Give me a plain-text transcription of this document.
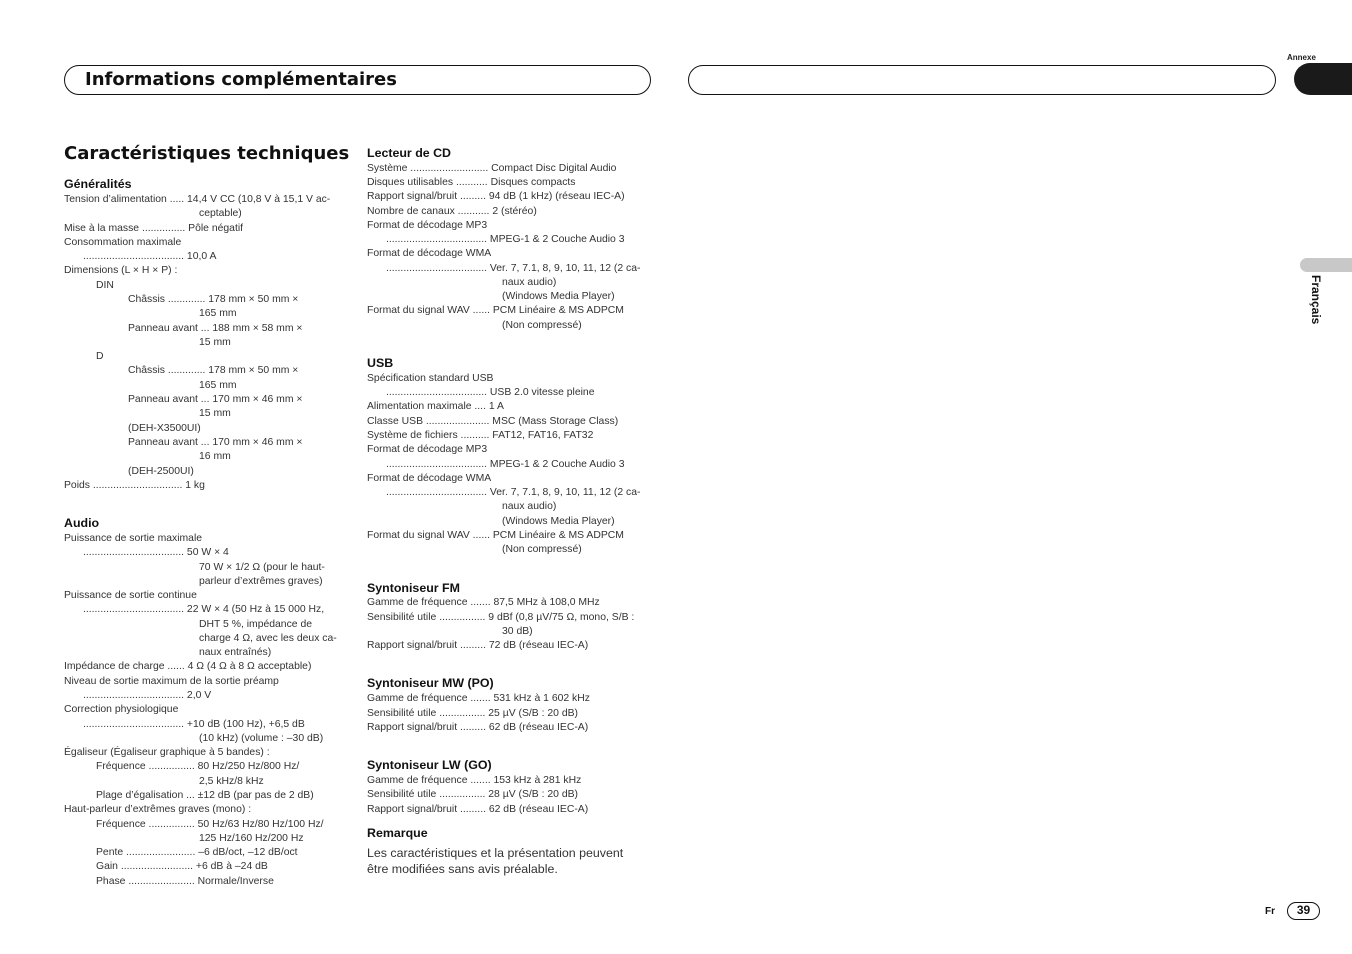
Informations complémentaires
Annexe
Français
Caractéristiques techniques
Généralités
Audio
Lecteur de CD
USB
Syntoniseur FM
Syntoniseur MW (PO)
Syntoniseur LW (GO)
Remarque
Tension d’alimentation ..... 14,4 V CC (10,8 V à 15,1 V ac-
ceptable)
Mise à la masse ............... Pôle négatif
Consommation maximale
................................... 10,0 A
Dimensions (L × H × P) :
DIN
Châssis ............. 178 mm × 50 mm ×
165 mm
Panneau avant ... 188 mm × 58 mm ×
15 mm
D
Châssis ............. 178 mm × 50 mm ×
165 mm
Panneau avant ... 170 mm × 46 mm ×
15 mm
(DEH-X3500UI)
Panneau avant ... 170 mm × 46 mm ×
16 mm
(DEH-2500UI)
Poids ............................... 1 kg
Puissance de sortie maximale
................................... 50 W × 4
70 W × 1/2 Ω (pour le haut-
parleur d’extrêmes graves)
Puissance de sortie continue
................................... 22 W × 4 (50 Hz à 15 000 Hz,
DHT 5 %, impédance de
charge 4 Ω, avec les deux ca-
naux entraînés)
Impédance de charge ...... 4 Ω (4 Ω à 8 Ω acceptable)
Niveau de sortie maximum de la sortie préamp
................................... 2,0 V
Correction physiologique
................................... +10 dB (100 Hz), +6,5 dB
(10 kHz) (volume : –30 dB)
Égaliseur (Égaliseur graphique à 5 bandes) :
Fréquence ................ 80 Hz/250 Hz/800 Hz/
2,5 kHz/8 kHz
Plage d’égalisation ... ±12 dB (par pas de 2 dB)
Haut-parleur d’extrêmes graves (mono) :
Fréquence ................ 50 Hz/63 Hz/80 Hz/100 Hz/
125 Hz/160 Hz/200 Hz
Pente ........................ –6 dB/oct, –12 dB/oct
Gain ......................... +6 dB à –24 dB
Phase ....................... Normale/Inverse
Système ........................... Compact Disc Digital Audio
Disques utilisables ........... Disques compacts
Rapport signal/bruit ......... 94 dB (1 kHz) (réseau IEC-A)
Nombre de canaux ........... 2 (stéréo)
Format de décodage MP3
................................... MPEG-1 & 2 Couche Audio 3
Format de décodage WMA
................................... Ver. 7, 7.1, 8, 9, 10, 11, 12 (2 ca-
naux audio)
(Windows Media Player)
Format du signal WAV ...... PCM Linéaire & MS ADPCM
(Non compressé)
Spécification standard USB
................................... USB 2.0 vitesse pleine
Alimentation maximale .... 1 A
Classe USB ...................... MSC (Mass Storage Class)
Système de fichiers .......... FAT12, FAT16, FAT32
Format de décodage MP3
................................... MPEG-1 & 2 Couche Audio 3
Format de décodage WMA
................................... Ver. 7, 7.1, 8, 9, 10, 11, 12 (2 ca-
naux audio)
(Windows Media Player)
Format du signal WAV ...... PCM Linéaire & MS ADPCM
(Non compressé)
Gamme de fréquence ....... 87,5 MHz à 108,0 MHz
Sensibilité utile ................ 9 dBf (0,8 µV/75 Ω, mono, S/B :
30 dB)
Rapport signal/bruit ......... 72 dB (réseau IEC-A)
Gamme de fréquence ....... 531 kHz à 1 602 kHz
Sensibilité utile ................ 25 µV (S/B : 20 dB)
Rapport signal/bruit ......... 62 dB (réseau IEC-A)
Gamme de fréquence ....... 153 kHz à 281 kHz
Sensibilité utile ................ 28 µV (S/B : 20 dB)
Rapport signal/bruit ......... 62 dB (réseau IEC-A)
Les caractéristiques et la présentation peuvent
être modifiées sans avis préalable.
Fr	39
